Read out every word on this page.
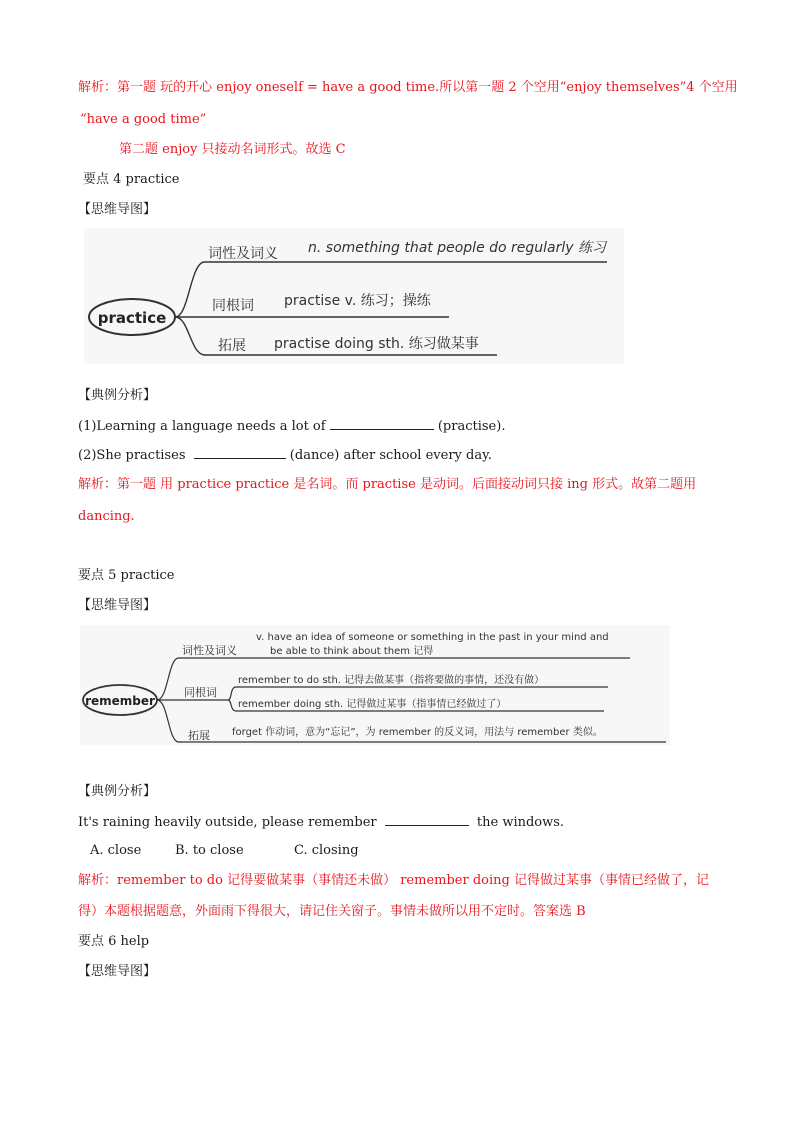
解析：第一题 玩的开心 enjoy oneself = have a good time.所以第一题 2 个空用“enjoy themselves”4 个空用
“have a good time”
第二题 enjoy 只接动名词形式。故选 C
要点 4 practice
【思维导图】
practice
词性及词义 n. something that people do regularly 练习
同根词 practise v. 练习；操练
拓展 practise doing sth. 练习做某事
【典例分析】
(1)Learning a language needs a lot of	(practise).
(2)She practises	(dance) after school every day.
解析：第一题 用 practice practice 是名词。而 practise 是动词。后面接动词只接 ing 形式。故第二题用
dancing.
要点 5 practice
【思维导图】
remember
词性及词义
v. have an idea of someone or something in the past in your mind and
be able to think about them 记得
同根词
remember to do sth. 记得去做某事（指将要做的事情，还没有做）
remember doing sth. 记得做过某事（指事情已经做过了）
拓展 forget 作动词，意为“忘记”，为 remember 的反义词，用法与 remember 类似。
【典例分析】
It's raining heavily outside, please remember	the windows.
A. close	B. to close	C. closing
解析：remember to do 记得要做某事（事情还未做） remember doing 记得做过某事（事情已经做了，记
得）本题根据题意，外面雨下得很大，请记住关窗子。事情未做所以用不定时。答案选 B
要点 6 help
【思维导图】
